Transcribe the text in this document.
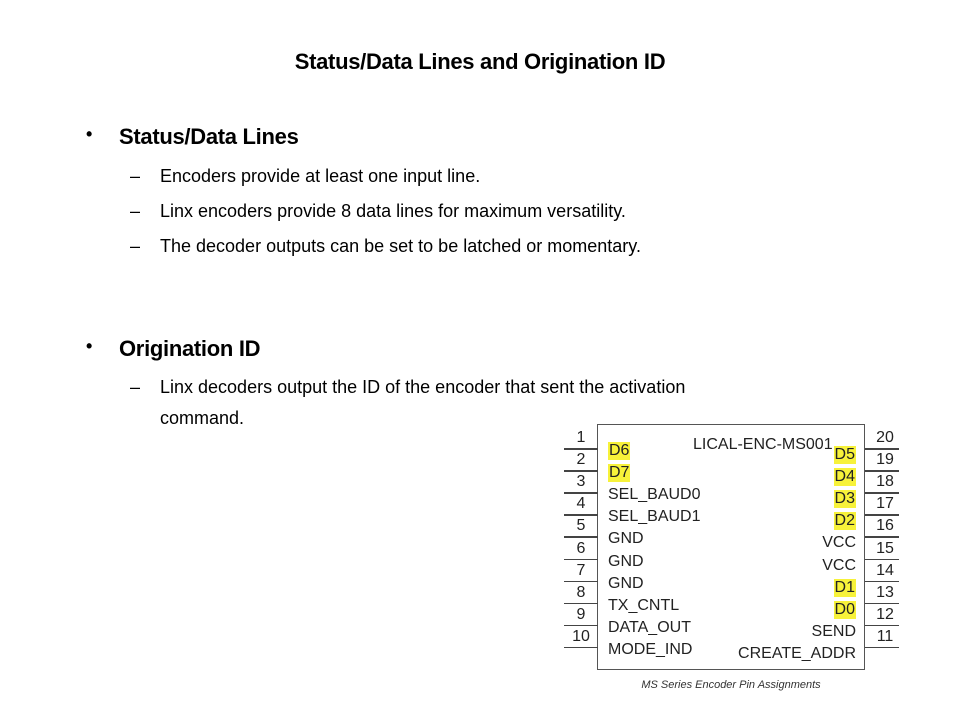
Status/Data Lines and Origination ID
• Status/Data Lines
– Encoders provide at least one input line.
– Linx encoders provide 8 data lines for maximum versatility.
– The decoder outputs can be set to be latched or momentary.
• Origination ID
– Linx decoders output the ID of the encoder that sent the activation command.
LICAL-ENC-MS001
MS Series Encoder Pin Assignments
1
D6
20
D5
2
D7
19
D4
3
SEL_BAUD0
18
D3
4
SEL_BAUD1
17
D2
5
GND
16
VCC
6
GND
15
VCC
7
GND
14
D1
8
TX_CNTL
13
D0
9
DATA_OUT
12
SEND
10
MODE_IND
11
CREATE_ADDR
